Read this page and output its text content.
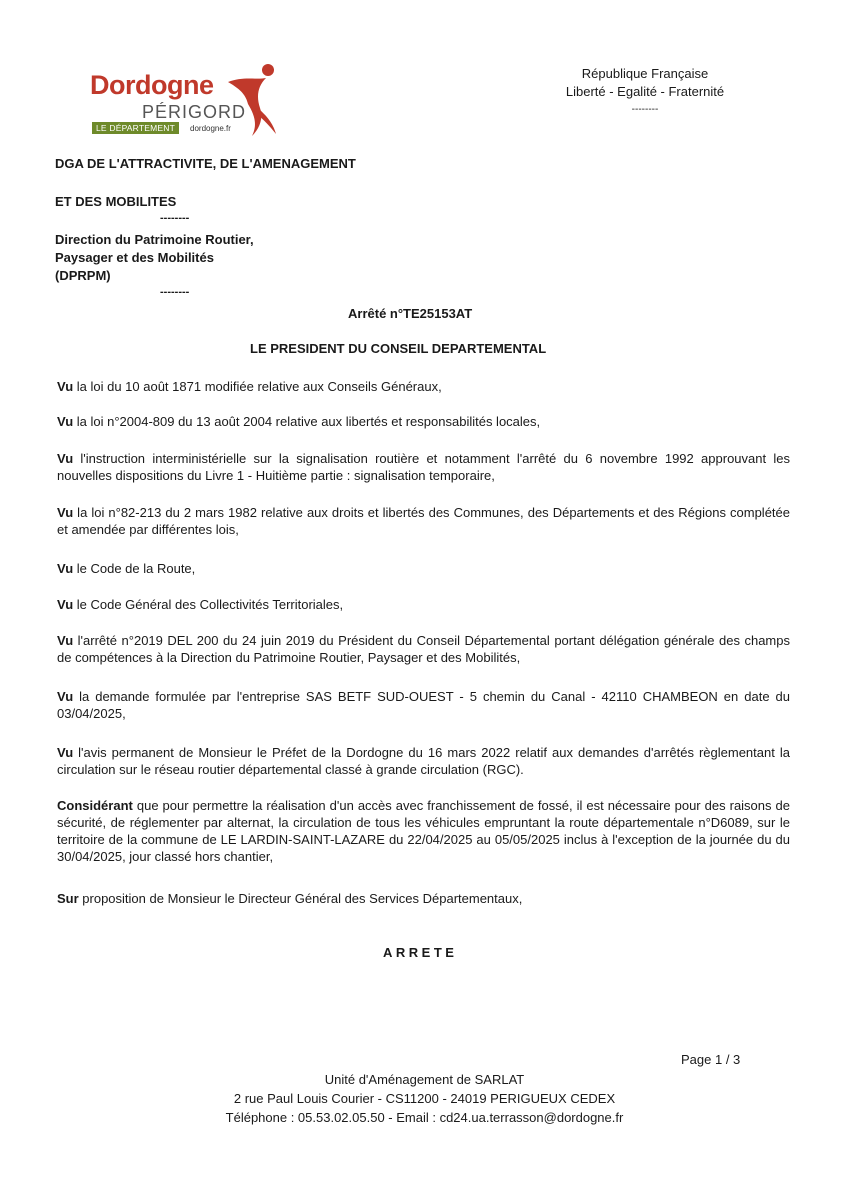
Dordogne
PÉRIGORD
LE DÉPARTEMENT	dordogne.fr
République Française
Liberté - Egalité - Fraternité
--------
DGA DE L'ATTRACTIVITE, DE L'AMENAGEMENT
ET DES MOBILITES
--------
Direction du Patrimoine Routier,
Paysager et des Mobilités
(DPRPM)
--------
Arrêté n°TE25153AT
LE PRESIDENT DU CONSEIL DEPARTEMENTAL
Vu la loi du 10 août 1871 modifiée relative aux Conseils Généraux,
Vu la loi n°2004-809 du 13 août 2004 relative aux libertés et responsabilités locales,
Vu l'instruction interministérielle sur la signalisation routière et notamment l'arrêté du 6 novembre 1992 approuvant les nouvelles dispositions du Livre 1 - Huitième partie : signalisation temporaire,
Vu la loi n°82-213 du 2 mars 1982 relative aux droits et libertés des Communes, des Départements et des Régions complétée et amendée par différentes lois,
Vu le Code de la Route,
Vu le Code Général des Collectivités Territoriales,
Vu l'arrêté n°2019 DEL 200 du 24 juin 2019 du Président du Conseil Départemental portant délégation générale des champs de compétences à la Direction du Patrimoine Routier, Paysager et des Mobilités,
Vu la demande formulée par l'entreprise SAS BETF SUD-OUEST - 5 chemin du Canal - 42110 CHAMBEON en date du 03/04/2025,
Vu l'avis permanent de Monsieur le Préfet de la Dordogne du 16 mars 2022 relatif aux demandes d'arrêtés règlementant la circulation sur le réseau routier départemental classé à grande circulation (RGC).
Considérant que pour permettre la réalisation d'un accès avec franchissement de fossé, il est nécessaire pour des raisons de sécurité, de réglementer par alternat, la circulation de tous les véhicules empruntant la route départementale n°D6089, sur le territoire de la commune de LE LARDIN-SAINT-LAZARE du 22/04/2025 au 05/05/2025 inclus à l'exception de la journée du du 30/04/2025, jour classé hors chantier,
Sur proposition de Monsieur le Directeur Général des Services Départementaux,
ARRETE
Page 1 / 3
Unité d'Aménagement de SARLAT
2 rue Paul Louis Courier - CS11200 - 24019 PERIGUEUX CEDEX
Téléphone : 05.53.02.05.50 - Email : cd24.ua.terrasson@dordogne.fr
